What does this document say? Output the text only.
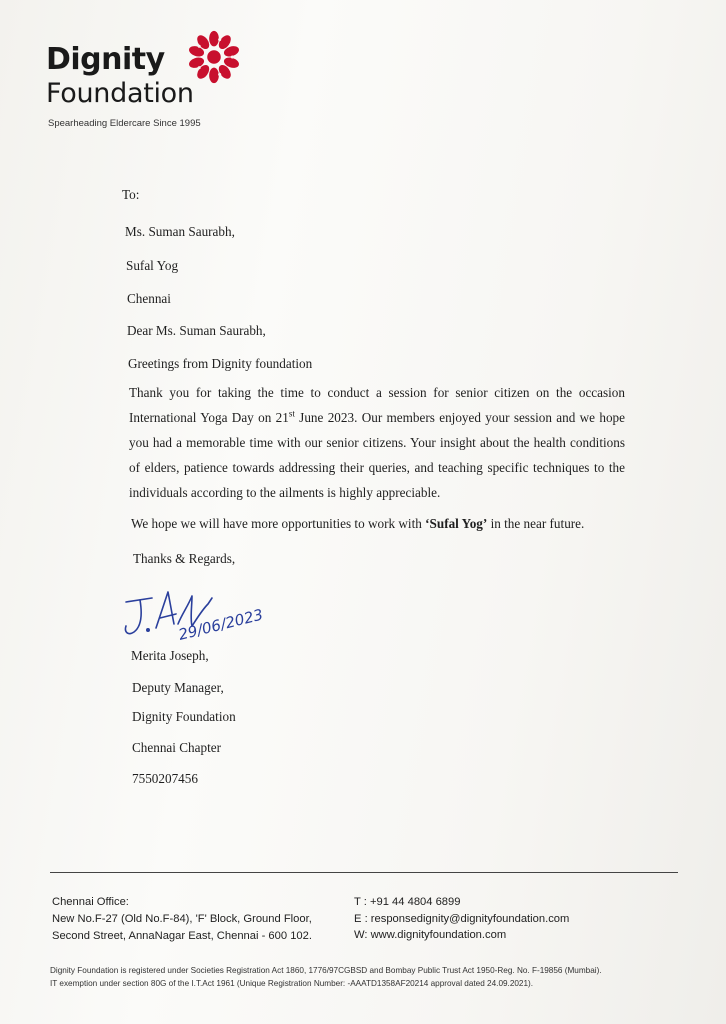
Dignity
Foundation
Spearheading Eldercare Since 1995
To:
Ms. Suman Saurabh,
Sufal Yog
Chennai
Dear Ms. Suman Saurabh,
Greetings from Dignity foundation
Thank you for taking the time to conduct a session for senior citizen on the occasion International Yoga Day on 21st June 2023. Our members enjoyed your session and we hope you had a memorable time with our senior citizens. Your insight about the health conditions of elders, patience towards addressing their queries, and teaching specific techniques to the individuals according to the ailments is highly appreciable.
We hope we will have more opportunities to work with ‘Sufal Yog’ in the near future.
Thanks & Regards,
29/06/2023
Merita Joseph,
Deputy Manager,
Dignity Foundation
Chennai Chapter
7550207456
Chennai Office:
New No.F-27 (Old No.F-84), 'F' Block, Ground Floor,
Second Street, AnnaNagar East, Chennai - 600 102.
T : +91 44 4804 6899
E : responsedignity@dignityfoundation.com
W: www.dignityfoundation.com
Dignity Foundation is registered under Societies Registration Act 1860, 1776/97CGBSD and Bombay Public Trust Act 1950-Reg. No. F-19856 (Mumbai).
IT exemption under section 80G of the I.T.Act 1961 (Unique Registration Number: -AAATD1358AF20214 approval dated 24.09.2021).
